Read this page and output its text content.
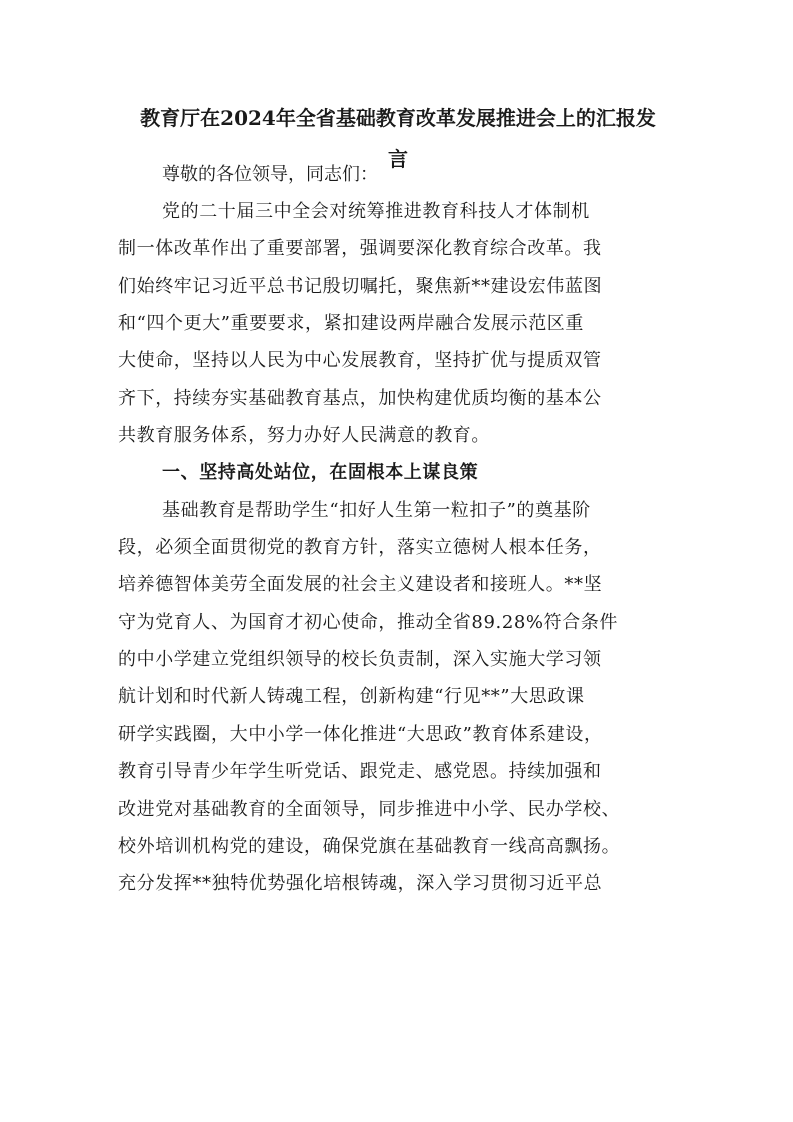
教育厅在2024年全省基础教育改革发展推进会上的汇报发
言

尊敬的各位领导，同志们：

党的二十届三中全会对统筹推进教育科技人才体制机
制一体改革作出了重要部署，强调要深化教育综合改革。我
们始终牢记习近平总书记殷切嘱托，聚焦新**建设宏伟蓝图
和“四个更大”重要要求，紧扣建设两岸融合发展示范区重
大使命，坚持以人民为中心发展教育，坚持扩优与提质双管
齐下，持续夯实基础教育基点，加快构建优质均衡的基本公
共教育服务体系，努力办好人民满意的教育。
一、坚持高处站位，在固根本上谋良策
基础教育是帮助学生“扣好人生第一粒扣子”的奠基阶
段，必须全面贯彻党的教育方针，落实立德树人根本任务，
培养德智体美劳全面发展的社会主义建设者和接班人。**坚
守为党育人、为国育才初心使命，推动全省89.28%符合条件
的中小学建立党组织领导的校长负责制，深入实施大学习领
航计划和时代新人铸魂工程，创新构建“行见**”大思政课
研学实践圈，大中小学一体化推进“大思政”教育体系建设，
教育引导青少年学生听党话、跟党走、感党恩。持续加强和
改进党对基础教育的全面领导，同步推进中小学、民办学校、
校外培训机构党的建设，确保党旗在基础教育一线高高飘扬。
充分发挥**独特优势强化培根铸魂，深入学习贯彻习近平总
